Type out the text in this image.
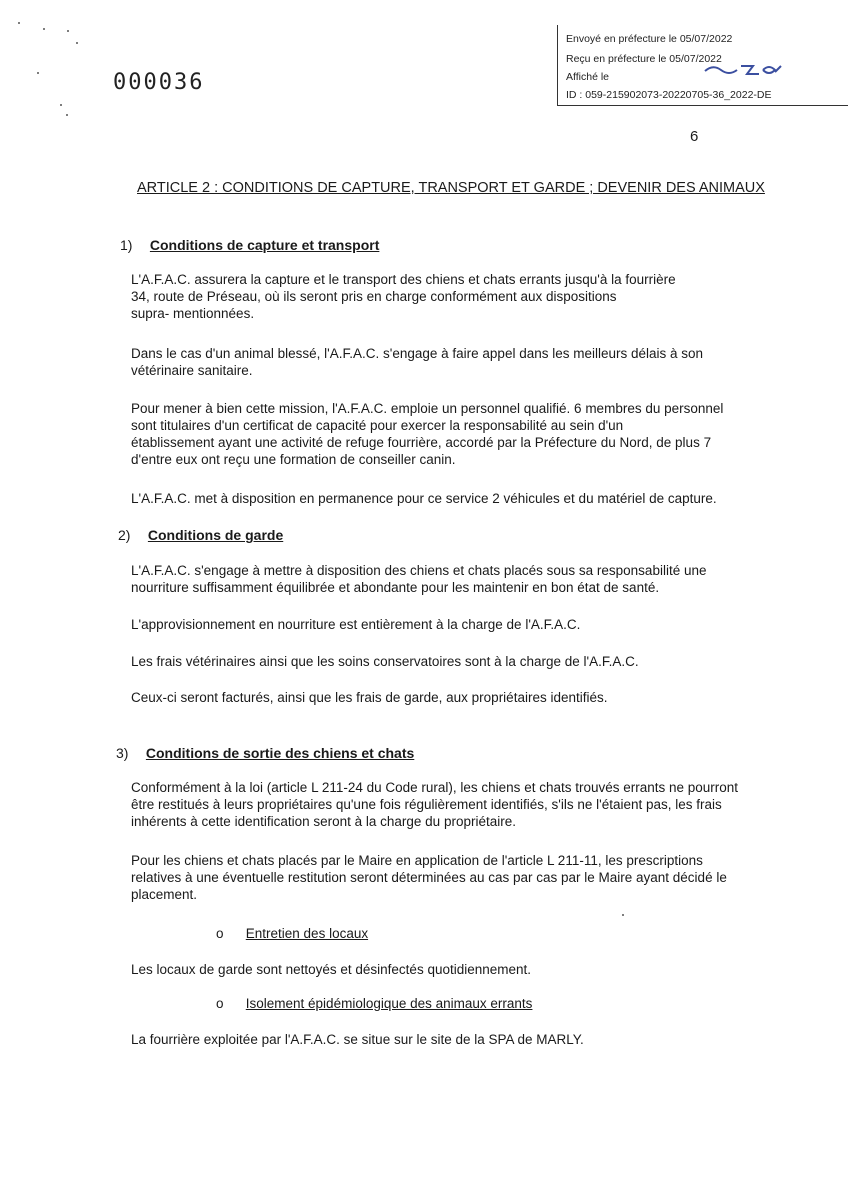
Envoyé en préfecture le 05/07/2022
Reçu en préfecture le 05/07/2022
Affiché le
ID : 059-215902073-20220705-36_2022-DE
000036
6
ARTICLE 2 : CONDITIONS DE CAPTURE, TRANSPORT ET GARDE ; DEVENIR DES ANIMAUX
1) Conditions de capture et transport
L'A.F.A.C. assurera la capture et le transport des chiens et chats errants jusqu'à la fourrière
34, route de Préseau, où ils seront pris en charge conformément aux dispositions
supra- mentionnées.
Dans le cas d'un animal blessé, l'A.F.A.C. s'engage à faire appel dans les meilleurs délais à son
vétérinaire sanitaire.
Pour mener à bien cette mission, l'A.F.A.C. emploie un personnel qualifié. 6 membres du personnel
sont titulaires d'un certificat de capacité pour exercer la responsabilité au sein d'un
établissement ayant une activité de refuge fourrière, accordé par la Préfecture du Nord, de plus 7
d'entre eux ont reçu une formation de conseiller canin.
L'A.F.A.C. met à disposition en permanence pour ce service 2 véhicules et du matériel de capture.
2) Conditions de garde
L'A.F.A.C. s'engage à mettre à disposition des chiens et chats placés sous sa responsabilité une
nourriture suffisamment équilibrée et abondante pour les maintenir en bon état de santé.
L'approvisionnement en nourriture est entièrement à la charge de l'A.F.A.C.
Les frais vétérinaires ainsi que les soins conservatoires sont à la charge de l'A.F.A.C.
Ceux-ci seront facturés, ainsi que les frais de garde, aux propriétaires identifiés.
3) Conditions de sortie des chiens et chats
Conformément à la loi (article L 211-24 du Code rural), les chiens et chats trouvés errants ne pourront
être restitués à leurs propriétaires qu'une fois régulièrement identifiés, s'ils ne l'étaient pas, les frais
inhérents à cette identification seront à la charge du propriétaire.
Pour les chiens et chats placés par le Maire en application de l'article L 211-11, les prescriptions
relatives à une éventuelle restitution seront déterminées au cas par cas par le Maire ayant décidé le
placement.
o Entretien des locaux
Les locaux de garde sont nettoyés et désinfectés quotidiennement.
o Isolement épidémiologique des animaux errants
La fourrière exploitée par l'A.F.A.C. se situe sur le site de la SPA de MARLY.
